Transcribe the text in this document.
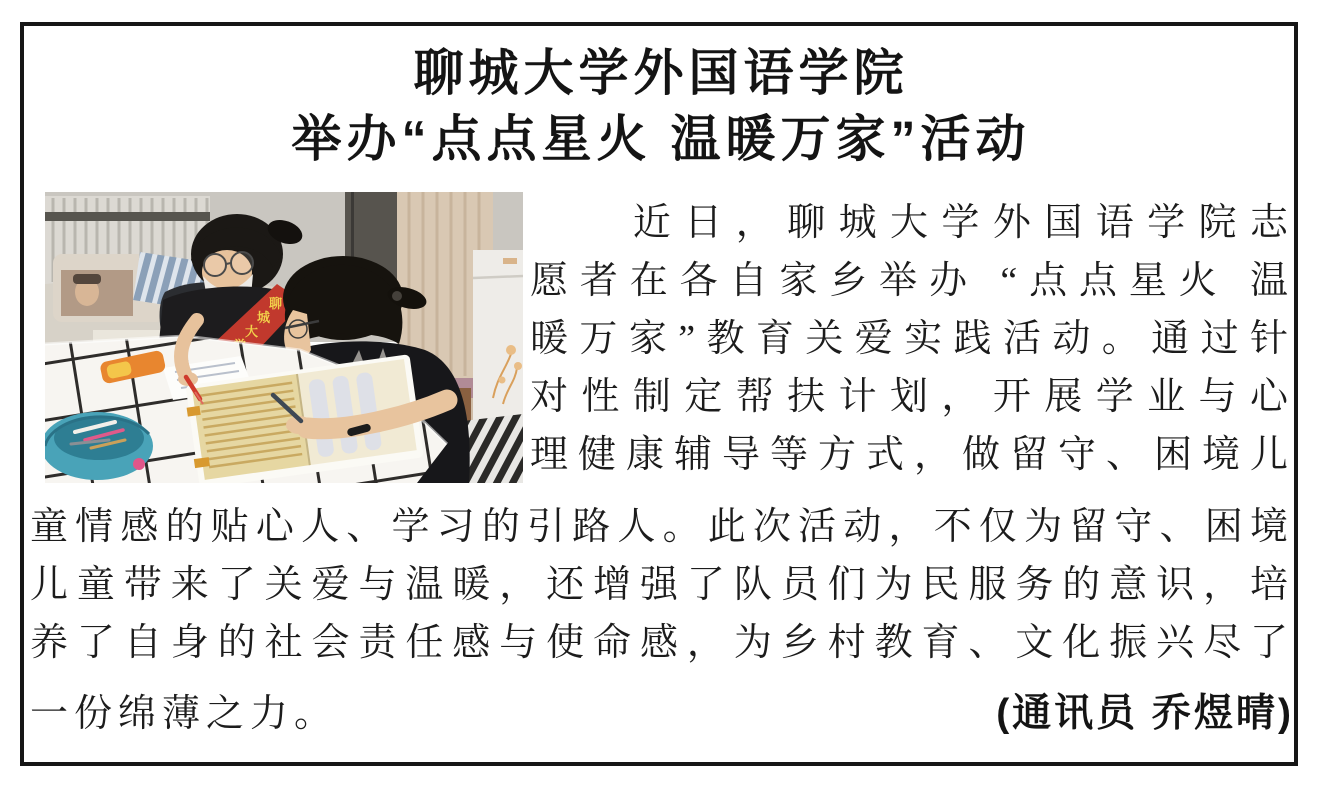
聊城大学外国语学院
举办“点点星火 温暖万家”活动
聊
城
大
　　近日，聊城大学外国语学院志
愿者在各自家乡举办 “点点星火 温
暖万家”教育关爱实践活动。通过针
对性制定帮扶计划，开展学业与心
理健康辅导等方式，做留守、困境儿
童情感的贴心人、学习的引路人。此次活动，不仅为留守、困境
儿童带来了关爱与温暖，还增强了队员们为民服务的意识，培
养了自身的社会责任感与使命感，为乡村教育、文化振兴尽了
一份绵薄之力。	(通讯员 乔煜晴)
